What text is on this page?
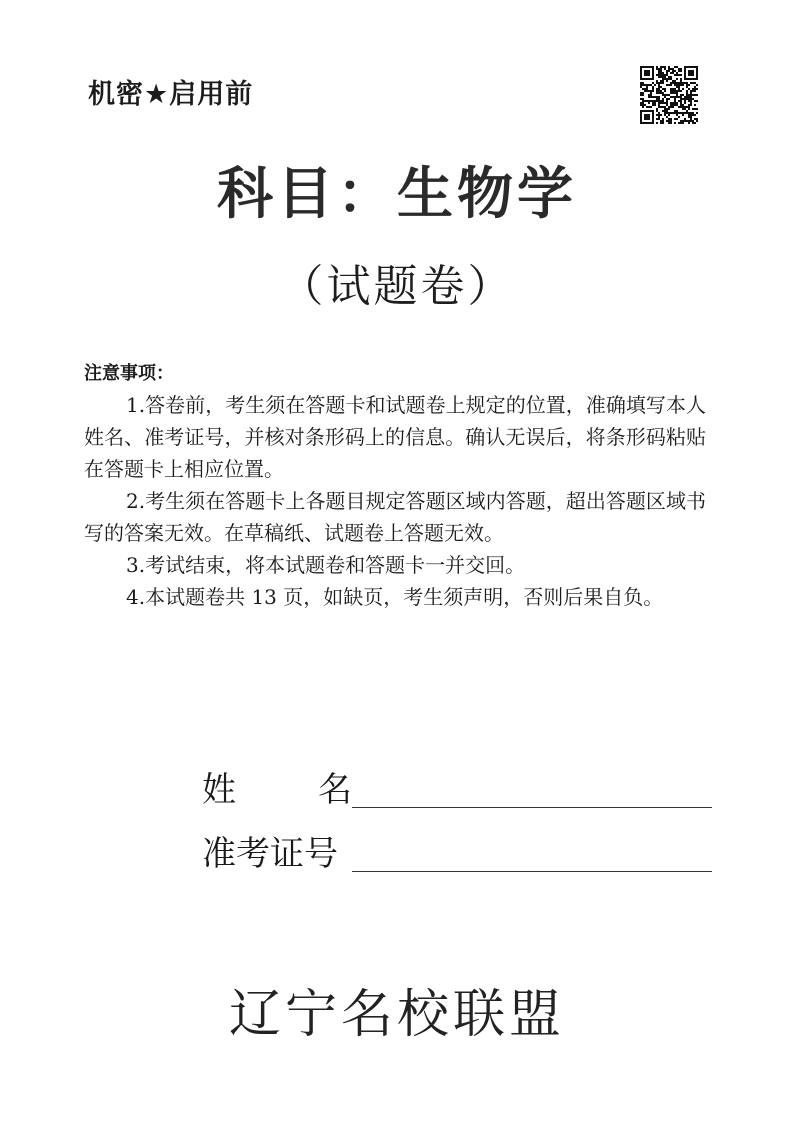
机密★启用前
科目：生物学
（试题卷）
注意事项：

1.答卷前，考生须在答题卡和试题卷上规定的位置，准确填写本人姓名、准考证号，并核对条形码上的信息。确认无误后，将条形码粘贴在答题卡上相应位置。

2.考生须在答题卡上各题目规定答题区域内答题，超出答题区域书写的答案无效。在草稿纸、试题卷上答题无效。

3.考试结束，将本试题卷和答题卡一并交回。

4.本试题卷共 13 页，如缺页，考生须声明，否则后果自负。

姓 名
准考证号
辽宁名校联盟
